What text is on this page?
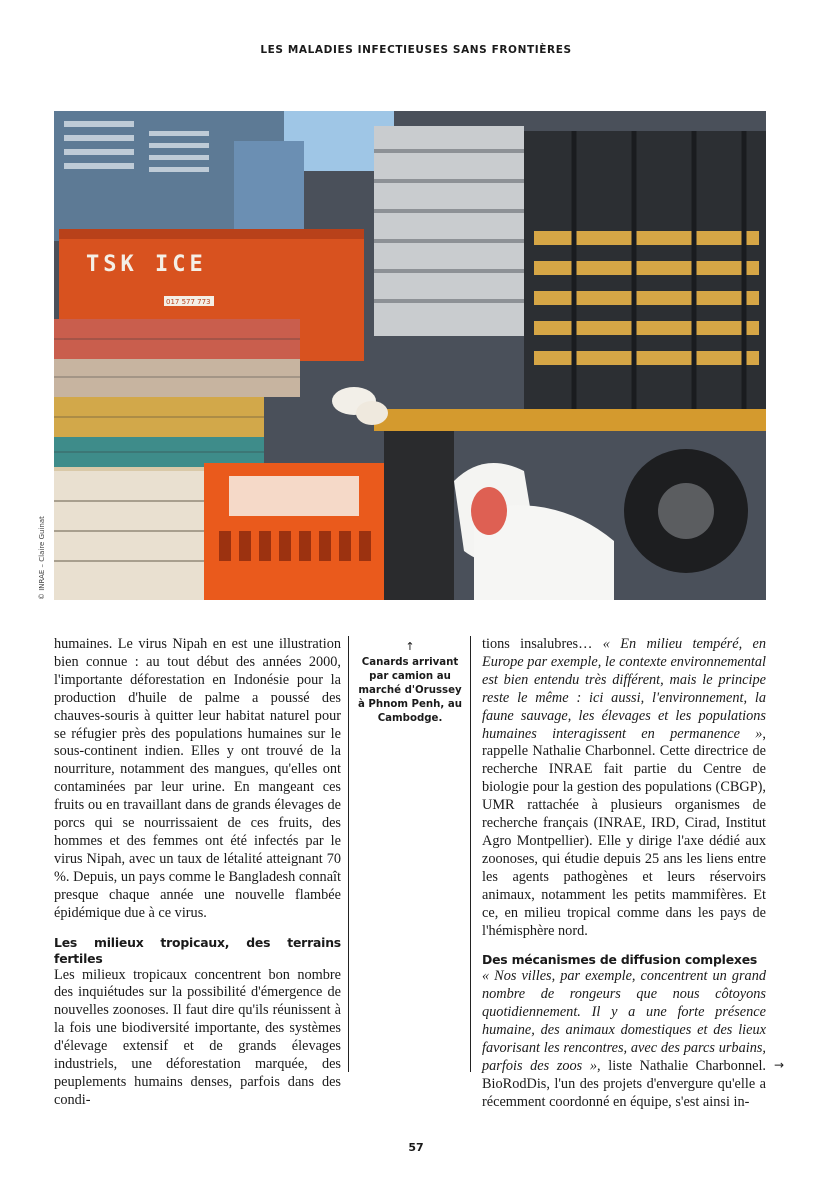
LES MALADIES INFECTIEUSES SANS FRONTIÈRES
TSK ICE
017 577 773
© INRAE – Claire Guinat

humaines. Le virus Nipah en est une illustration bien connue : au tout début des années 2000, l'importante déforestation en Indonésie pour la production d'huile de palme a poussé des chauves-souris à quitter leur habitat naturel pour se réfugier près des populations humaines sur le sous-continent indien. Elles y ont trouvé de la nourriture, notamment des mangues, qu'elles ont contaminées par leur urine. En mangeant ces fruits ou en travaillant dans de grands élevages de porcs qui se nourrissaient de ces fruits, des hommes et des femmes ont été infectés par le virus Nipah, avec un taux de létalité atteignant 70 %. Depuis, un pays comme le Bangladesh connaît presque chaque année une nouvelle flambée épidémique due à ce virus.

Les milieux tropicaux, des terrains fertiles

Les milieux tropicaux concentrent bon nombre des inquiétudes sur la possibilité d'émergence de nouvelles zoonoses. Il faut dire qu'ils réunissent à la fois une biodiversité importante, des systèmes d'élevage extensif et de grands élevages industriels, une déforestation marquée, des peuplements humains denses, parfois dans des condi-

↑
Canards arrivant par camion au marché d'Orussey à Phnom Penh, au Cambodge.

tions insalubres… « En milieu tempéré, en Europe par exemple, le contexte environnemental est bien entendu très différent, mais le principe reste le même : ici aussi, l'environnement, la faune sauvage, les élevages et les populations humaines interagissent en permanence », rappelle Nathalie Charbonnel. Cette directrice de recherche INRAE fait partie du Centre de biologie pour la gestion des populations (CBGP), UMR rattachée à plusieurs organismes de recherche français (INRAE, IRD, Cirad, Institut Agro Montpellier). Elle y dirige l'axe dédié aux zoonoses, qui étudie depuis 25 ans les liens entre les agents pathogènes et leurs réservoirs animaux, notamment les petits mammifères. Et ce, en milieu tropical comme dans les pays de l'hémisphère nord.

Des mécanismes de diffusion complexes

« Nos villes, par exemple, concentrent un grand nombre de rongeurs que nous côtoyons quotidiennement. Il y a une forte présence humaine, des animaux domestiques et des lieux favorisant les rencontres, avec des parcs urbains, parfois des zoos », liste Nathalie Charbonnel. BioRodDis, l'un des projets d'envergure qu'elle a récemment coordonné en équipe, s'est ainsi in-

→
57
